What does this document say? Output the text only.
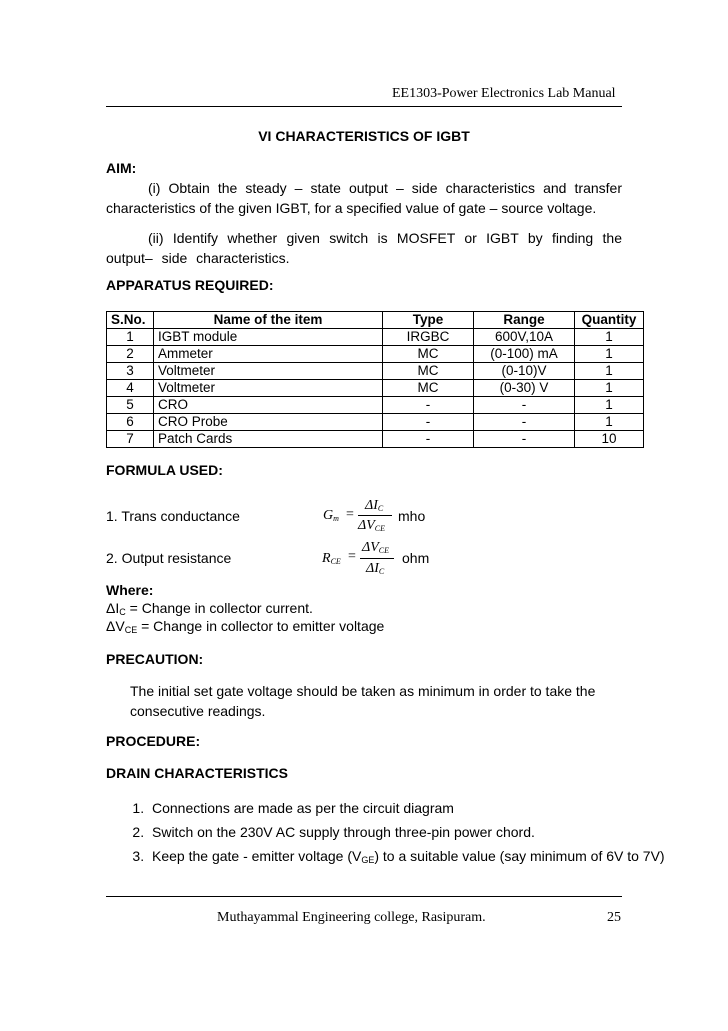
EE1303-Power Electronics Lab Manual
VI CHARACTERISTICS OF IGBT
AIM:
(i) Obtain the steady – state output – side characteristics and transfer characteristics of the given IGBT, for a specified value of gate – source voltage.
(ii) Identify whether given switch is MOSFET or IGBT by finding the output– side characteristics.
APPARATUS REQUIRED:
S.No.	Name of the item	Type	Range	Quantity
1	IGBT module	IRGBC	600V,10A	1
2	Ammeter	MC	(0-100) mA	1
3	Voltmeter	MC	(0-10)V	1
4	Voltmeter	MC	(0-30) V	1
5	CRO	-	-	1
6	CRO Probe	-	-	1
7	Patch Cards	-	-	10
FORMULA USED:
1. Trans conductance	$G_m$ =
$\Delta I_C$
$\Delta V_{CE}$
mho
2. Output resistance	$R_{CE}$ =
$\Delta V_{CE}$
$\Delta I_C$
ohm
Where:
$\Delta I_C$ = Change in collector current.
$\Delta V_{CE}$ = Change in collector to emitter voltage
PRECAUTION:
The initial set gate voltage should be taken as minimum in order to take the consecutive readings.
PROCEDURE:
DRAIN CHARACTERISTICS
1. Connections are made as per the circuit diagram
2. Switch on the 230V AC supply through three-pin power chord.
3. Keep the gate - emitter voltage $(V_{GE})$ to a suitable value (say minimum of 6V to 7V)
Muthayammal Engineering college, Rasipuram.	25
